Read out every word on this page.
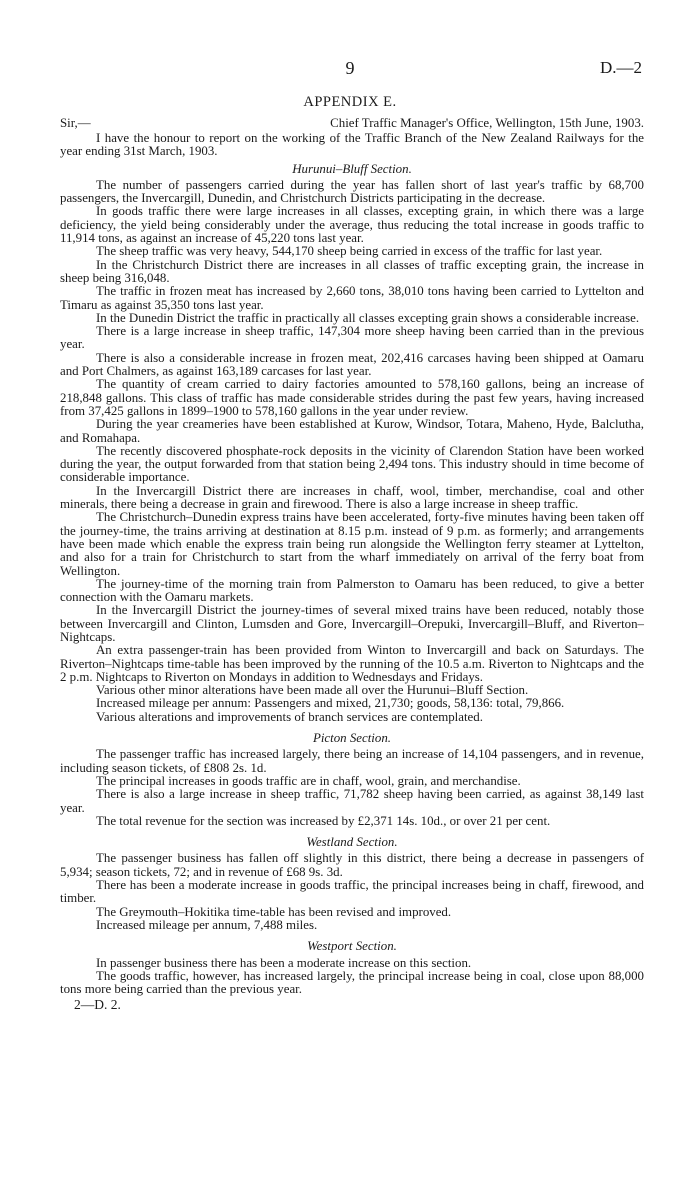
9	D.—2
APPENDIX E.
Sir,—	Chief Traffic Manager's Office, Wellington, 15th June, 1903.

I have the honour to report on the working of the Traffic Branch of the New Zealand Railways for the year ending 31st March, 1903.

Hurunui–Bluff Section.

The number of passengers carried during the year has fallen short of last year's traffic by 68,700 passengers, the Invercargill, Dunedin, and Christchurch Districts participating in the decrease.

In goods traffic there were large increases in all classes, excepting grain, in which there was a large deficiency, the yield being considerably under the average, thus reducing the total increase in goods traffic to 11,914 tons, as against an increase of 45,220 tons last year.

The sheep traffic was very heavy, 544,170 sheep being carried in excess of the traffic for last year.

In the Christchurch District there are increases in all classes of traffic excepting grain, the increase in sheep being 316,048.

The traffic in frozen meat has increased by 2,660 tons, 38,010 tons having been carried to Lyttelton and Timaru as against 35,350 tons last year.

In the Dunedin District the traffic in practically all classes excepting grain shows a considerable increase.

There is a large increase in sheep traffic, 147,304 more sheep having been carried than in the previous year.

There is also a considerable increase in frozen meat, 202,416 carcases having been shipped at Oamaru and Port Chalmers, as against 163,189 carcases for last year.

The quantity of cream carried to dairy factories amounted to 578,160 gallons, being an increase of 218,848 gallons. This class of traffic has made considerable strides during the past few years, having increased from 37,425 gallons in 1899–1900 to 578,160 gallons in the year under review.

During the year creameries have been established at Kurow, Windsor, Totara, Maheno, Hyde, Balclutha, and Romahapa.

The recently discovered phosphate-rock deposits in the vicinity of Clarendon Station have been worked during the year, the output forwarded from that station being 2,494 tons. This industry should in time become of considerable importance.

In the Invercargill District there are increases in chaff, wool, timber, merchandise, coal and other minerals, there being a decrease in grain and firewood. There is also a large increase in sheep traffic.

The Christchurch–Dunedin express trains have been accelerated, forty-five minutes having been taken off the journey-time, the trains arriving at destination at 8.15 p.m. instead of 9 p.m. as formerly; and arrangements have been made which enable the express train being run alongside the Wellington ferry steamer at Lyttelton, and also for a train for Christchurch to start from the wharf immediately on arrival of the ferry boat from Wellington.

The journey-time of the morning train from Palmerston to Oamaru has been reduced, to give a better connection with the Oamaru markets.

In the Invercargill District the journey-times of several mixed trains have been reduced, notably those between Invercargill and Clinton, Lumsden and Gore, Invercargill–Orepuki, Invercargill–Bluff, and Riverton–Nightcaps.

An extra passenger-train has been provided from Winton to Invercargill and back on Saturdays. The Riverton–Nightcaps time-table has been improved by the running of the 10.5 a.m. Riverton to Nightcaps and the 2 p.m. Nightcaps to Riverton on Mondays in addition to Wednesdays and Fridays.

Various other minor alterations have been made all over the Hurunui–Bluff Section.

Increased mileage per annum: Passengers and mixed, 21,730; goods, 58,136: total, 79,866.

Various alterations and improvements of branch services are contemplated.

Picton Section.

The passenger traffic has increased largely, there being an increase of 14,104 passengers, and in revenue, including season tickets, of £808 2s. 1d.

The principal increases in goods traffic are in chaff, wool, grain, and merchandise.

There is also a large increase in sheep traffic, 71,782 sheep having been carried, as against 38,149 last year.

The total revenue for the section was increased by £2,371 14s. 10d., or over 21 per cent.

Westland Section.

The passenger business has fallen off slightly in this district, there being a decrease in passengers of 5,934; season tickets, 72; and in revenue of £68 9s. 3d.

There has been a moderate increase in goods traffic, the principal increases being in chaff, firewood, and timber.

The Greymouth–Hokitika time-table has been revised and improved.

Increased mileage per annum, 7,488 miles.

Westport Section.

In passenger business there has been a moderate increase on this section.

The goods traffic, however, has increased largely, the principal increase being in coal, close upon 88,000 tons more being carried than the previous year.

2—D. 2.
